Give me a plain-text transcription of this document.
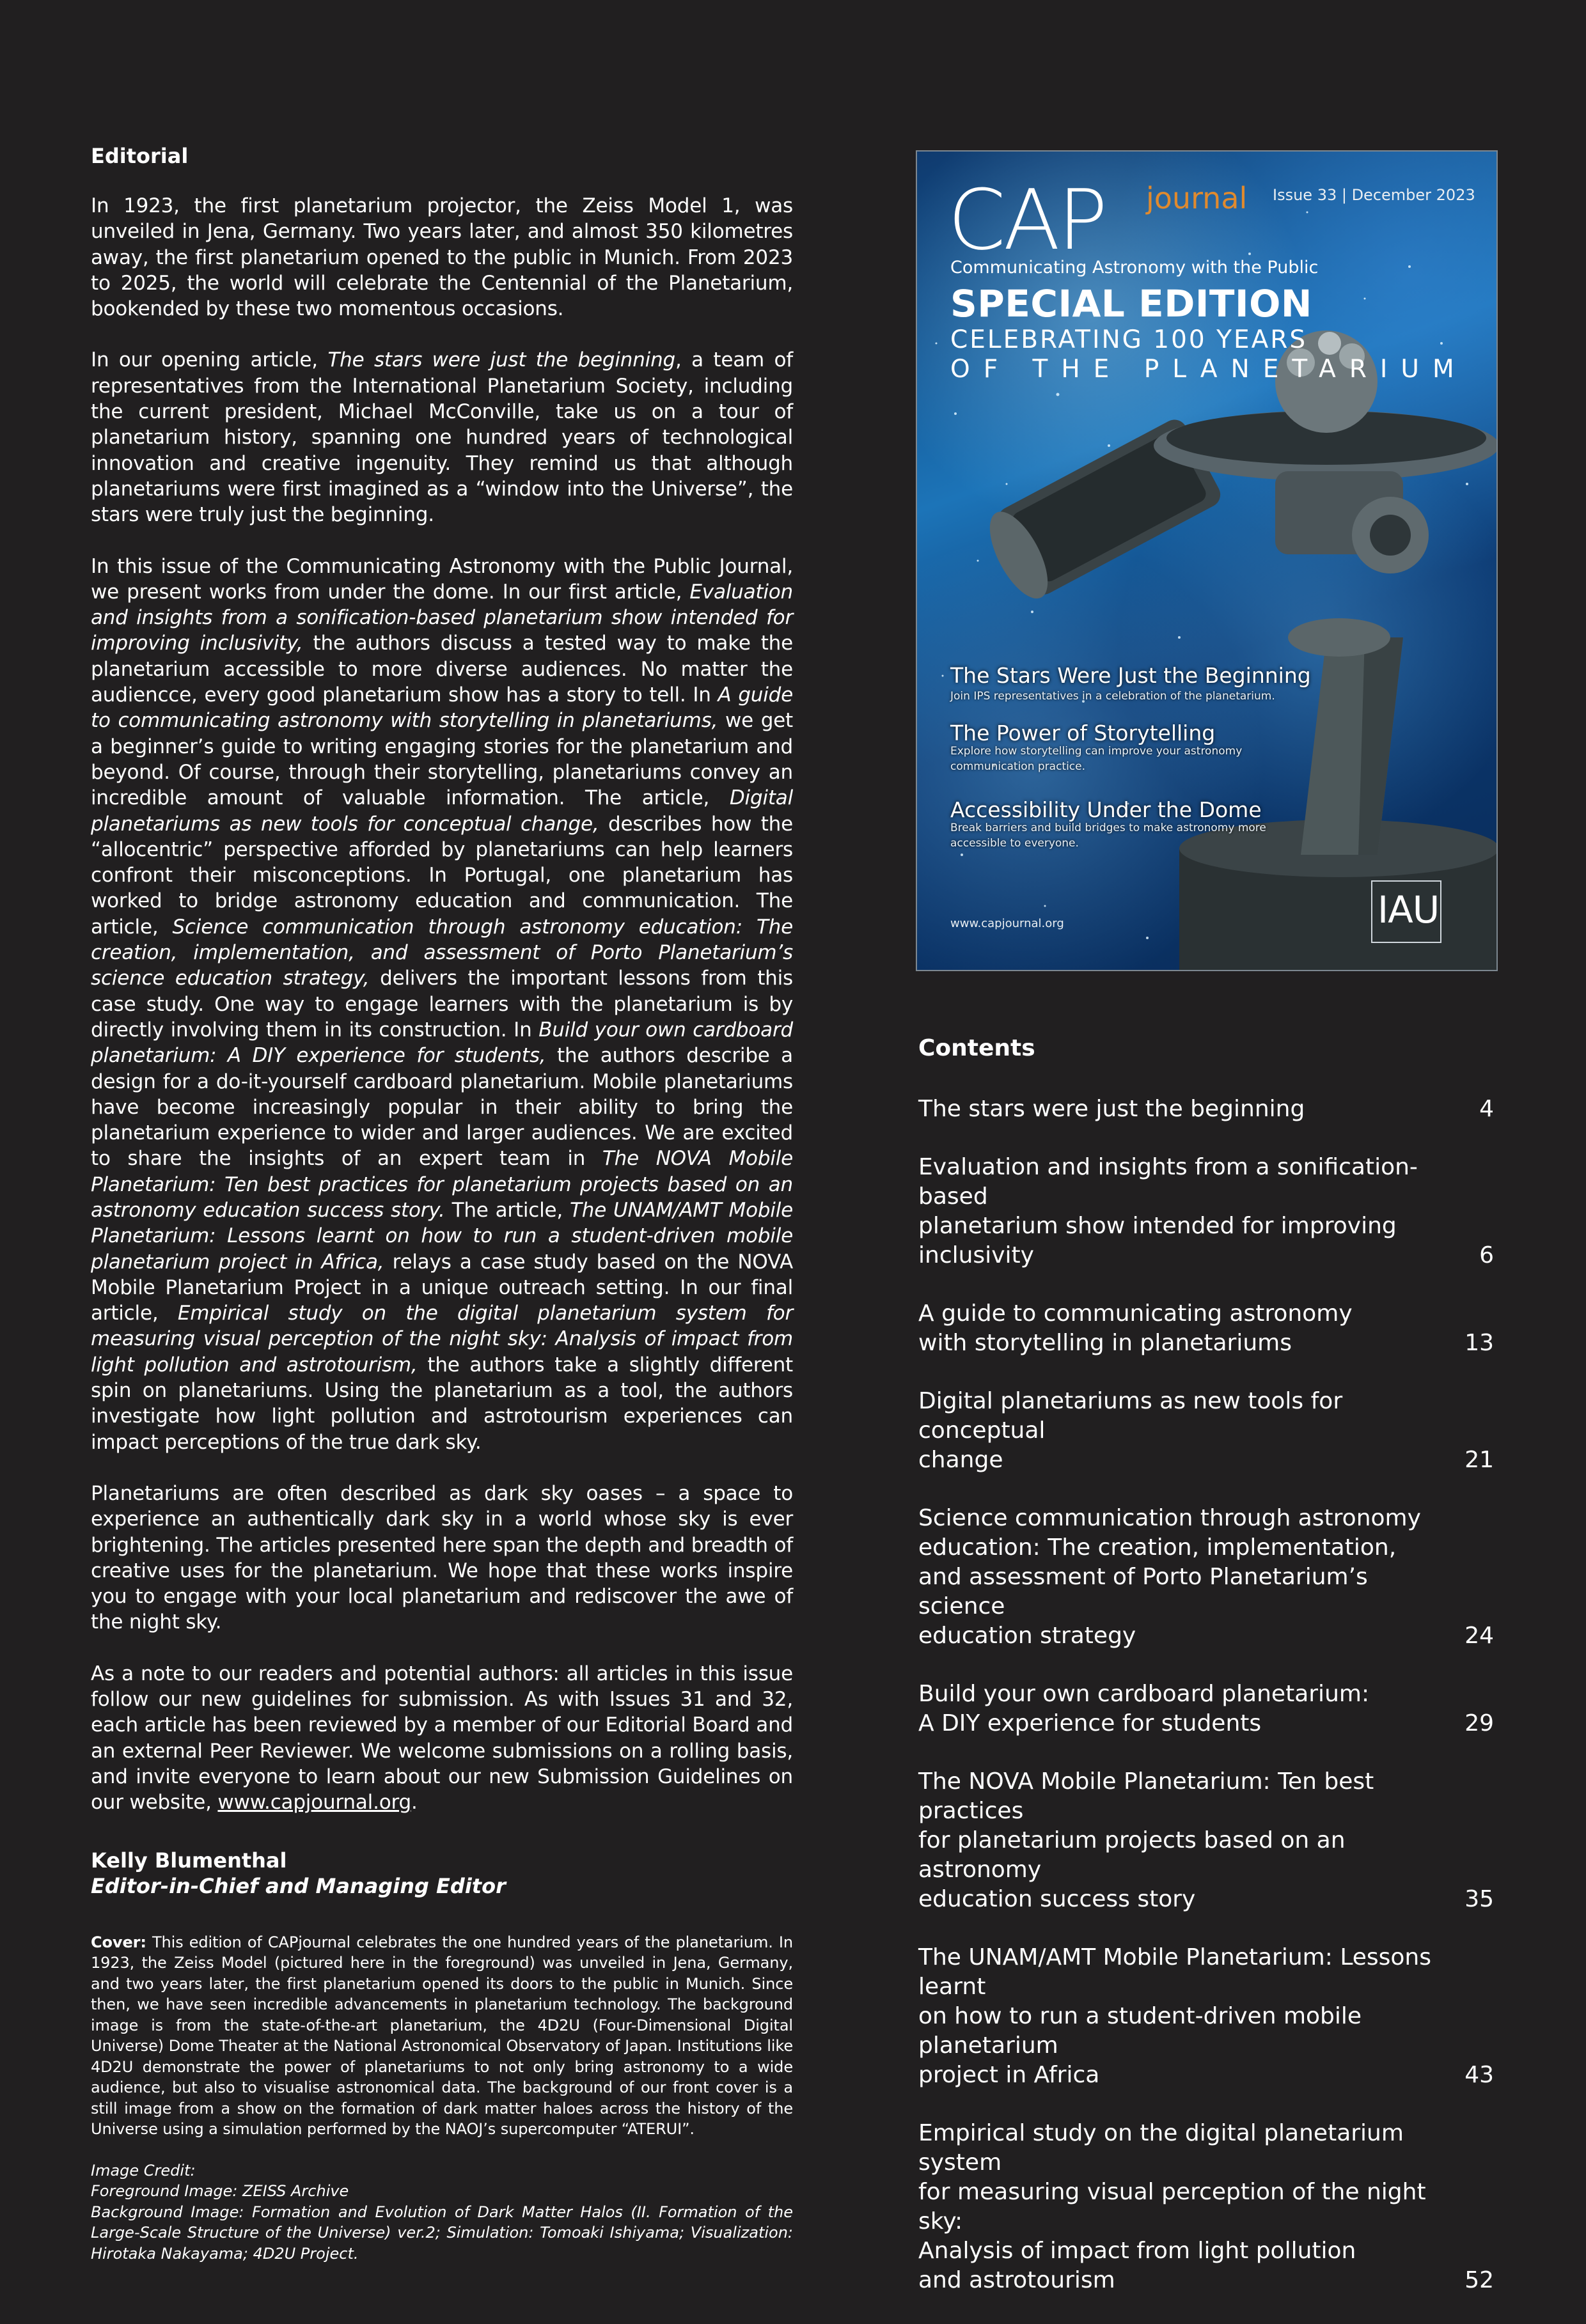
Editorial

In 1923, the first planetarium projector, the Zeiss Model 1, was unveiled in Jena, Germany. Two years later, and almost 350 kilometres away, the first planetarium opened to the public in Munich. From 2023 to 2025, the world will celebrate the Centennial of the Planetarium, bookended by these two momentous occasions.

In our opening article, The stars were just the beginning, a team of representatives from the International Planetarium Society, including the current president, Michael McConville, take us on a tour of planetarium history, spanning one hundred years of technological innovation and creative ingenuity. They remind us that although planetariums were first imagined as a “window into the Universe”, the stars were truly just the beginning.

In this issue of the Communicating Astronomy with the Public Journal, we present works from under the dome. In our first article, Evaluation and insights from a sonification-based planetarium show intended for improving inclusivity, the authors discuss a tested way to make the planetarium accessible to more diverse audiences. No matter the audiencce, every good planetarium show has a story to tell. In A guide to communicating astronomy with storytelling in planetariums, we get a beginner’s guide to writing engaging stories for the planetarium and beyond. Of course, through their storytelling, planetariums convey an incredible amount of valuable information. The article, Digital planetariums as new tools for conceptual change, describes how the “allocentric” perspective afforded by planetariums can help learners confront their misconceptions. In Portugal, one planetarium has worked to bridge astronomy education and communication. The article, Science communication through astronomy education: The creation, implementation, and assessment of Porto Planetarium’s science education strategy, delivers the important lessons from this case study. One way to engage learners with the planetarium is by directly involving them in its construction. In Build your own cardboard planetarium: A DIY experience for students, the authors describe a design for a do-it-yourself cardboard planetarium. Mobile planetariums have become increasingly popular in their ability to bring the planetarium experience to wider and larger audiences. We are excited to share the insights of an expert team in The NOVA Mobile Planetarium: Ten best practices for planetarium projects based on an astronomy education success story. The article, The UNAM/AMT Mobile Planetarium: Lessons learnt on how to run a student-driven mobile planetarium project in Africa, relays a case study based on the NOVA Mobile Planetarium Project in a unique outreach setting. In our final article, Empirical study on the digital planetarium system for measuring visual perception of the night sky: Analysis of impact from light pollution and astrotourism, the authors take a slightly different spin on planetariums. Using the planetarium as a tool, the authors investigate how light pollution and astrotourism experiences can impact perceptions of the true dark sky.

Planetariums are often described as dark sky oases – a space to experience an authentically dark sky in a world whose sky is ever brightening. The articles presented here span the depth and breadth of creative uses for the planetarium. We hope that these works inspire you to engage with your local planetarium and rediscover the awe of the night sky.

As a note to our readers and potential authors: all articles in this issue follow our new guidelines for submission. As with Issues 31 and 32, each article has been reviewed by a member of our Editorial Board and an external Peer Reviewer. We welcome submissions on a rolling basis, and invite everyone to learn about our new Submission Guidelines on our website, www.capjournal.org.

Kelly Blumenthal
Editor-in-Chief and Managing Editor
Cover: This edition of CAPjournal celebrates the one hundred years of the planetarium. In 1923, the Zeiss Model (pictured here in the foreground) was unveiled in Jena, Germany, and two years later, the first planetarium opened its doors to the public in Munich. Since then, we have seen incredible advancements in planetarium technology. The background image is from the state-of-the-art planetarium, the 4D2U (Four-Dimensional Digital Universe) Dome Theater at the National Astronomical Observatory of Japan. Institutions like 4D2U demonstrate the power of planetariums to not only bring astronomy to a wide audience, but also to visualise astronomical data. The background of our front cover is a still image from a show on the formation of dark matter haloes across the history of the Universe using a simulation performed by the NAOJ’s supercomputer “ATERUI”.
Image Credit:
Foreground Image: ZEISS Archive
Background Image: Formation and Evolution of Dark Matter Halos (II. Formation of the Large-Scale Structure of the Universe) ver.2; Simulation: Tomoaki Ishiyama; Visualization: Hirotaka Nakayama; 4D2U Project.
CAP journal Issue 33 | December 2023
Communicating Astronomy with the Public
SPECIAL EDITION
CELEBRATING 100 YEARS
OF THE PLANETARIUM
The Stars Were Just the Beginning
Join IPS representatives in a celebration of the planetarium.
The Power of Storytelling
Explore how storytelling can improve your astronomy communication practice.
Accessibility Under the Dome
Break barriers and build bridges to make astronomy more accessible to everyone.
www.capjournal.org	IAU
Contents
The stars were just the beginning	4
Evaluation and insights from a sonification-based
planetarium show intended for improving inclusivity	6
A guide to communicating astronomy
with storytelling in planetariums	13
Digital planetariums as new tools for conceptual
change	21
Science communication through astronomy
education: The creation, implementation,
and assessment of Porto Planetarium’s science
education strategy	24
Build your own cardboard planetarium:
A DIY experience for students	29
The NOVA Mobile Planetarium: Ten best practices
for planetarium projects based on an astronomy
education success story	35
The UNAM/AMT Mobile Planetarium: Lessons learnt
on how to run a student-driven mobile planetarium
project in Africa	43
Empirical study on the digital planetarium system
for measuring visual perception of the night sky:
Analysis of impact from light pollution
and astrotourism	52
